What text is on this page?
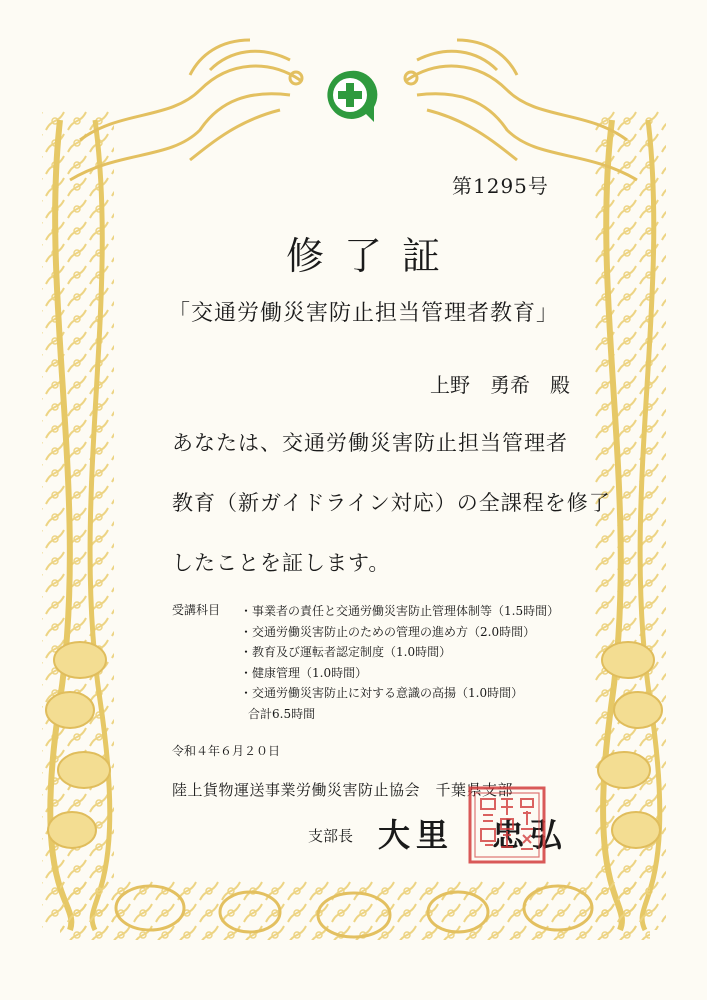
第1295号
修了証
「交通労働災害防止担当管理者教育」
上野　勇希　殿
あなたは、交通労働災害防止担当管理者
教育（新ガイドライン対応）の全課程を修了
したことを証します。
受講科目 ・事業者の責任と交通労働災害防止管理体制等（1.5時間）
・交通労働災害防止のための管理の進め方（2.0時間）
・教育及び運転者認定制度（1.0時間）
・健康管理（1.0時間）
・交通労働災害防止に対する意識の高揚（1.0時間）
合計6.5時間
令和４年６月２０日
陸上貨物運送事業労働災害防止協会　千葉県支部
支部長 大里　忠弘
